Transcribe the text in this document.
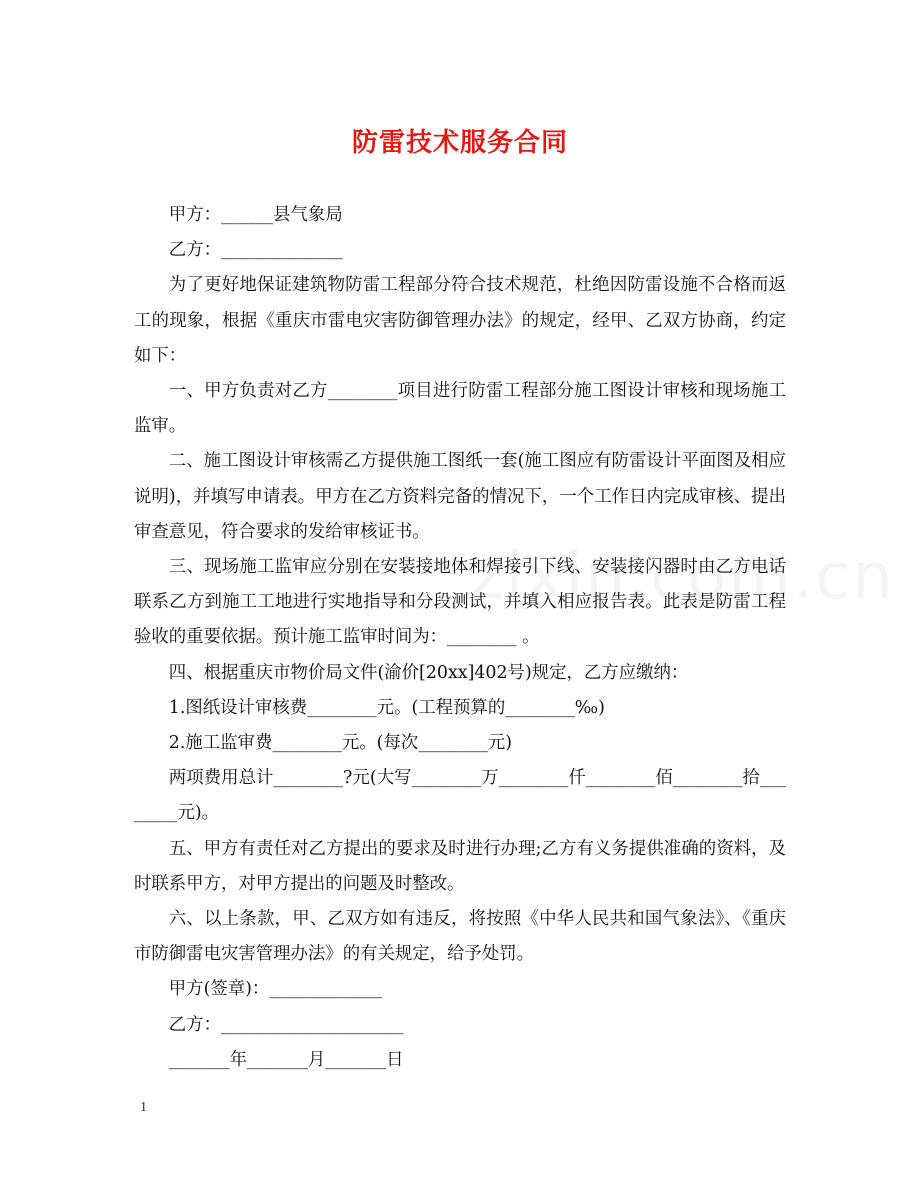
防雷技术服务合同

甲方：______县气象局

乙方：______________

为了更好地保证建筑物防雷工程部分符合技术规范，杜绝因防雷设施不合格而返工的现象，根据《重庆市雷电灾害防御管理办法》的规定，经甲、乙双方协商，约定如下：

一、甲方负责对乙方________项目进行防雷工程部分施工图设计审核和现场施工监审。

二、施工图设计审核需乙方提供施工图纸一套(施工图应有防雷设计平面图及相应说明)，并填写申请表。甲方在乙方资料完备的情况下，一个工作日内完成审核、提出审查意见，符合要求的发给审核证书。

三、现场施工监审应分别在安装接地体和焊接引下线、安装接闪器时由乙方电话联系乙方到施工工地进行实地指导和分段测试，并填入相应报告表。此表是防雷工程验收的重要依据。预计施工监审时间为：________ 。

四、根据重庆市物价局文件(渝价[20xx]402号)规定，乙方应缴纳：

1.图纸设计审核费________元。(工程预算的________‰)

2.施工监审费________元。(每次________元)

两项费用总计________?元(大写________万________仟________佰________拾________元)。

五、甲方有责任对乙方提出的要求及时进行办理;乙方有义务提供准确的资料，及时联系甲方，对甲方提出的问题及时整改。

六、以上条款，甲、乙双方如有违反，将按照《中华人民共和国气象法》、《重庆市防御雷电灾害管理办法》的有关规定，给予处罚。

甲方(签章)：_____________

乙方：_____________________

_______年_______月_______日

1
